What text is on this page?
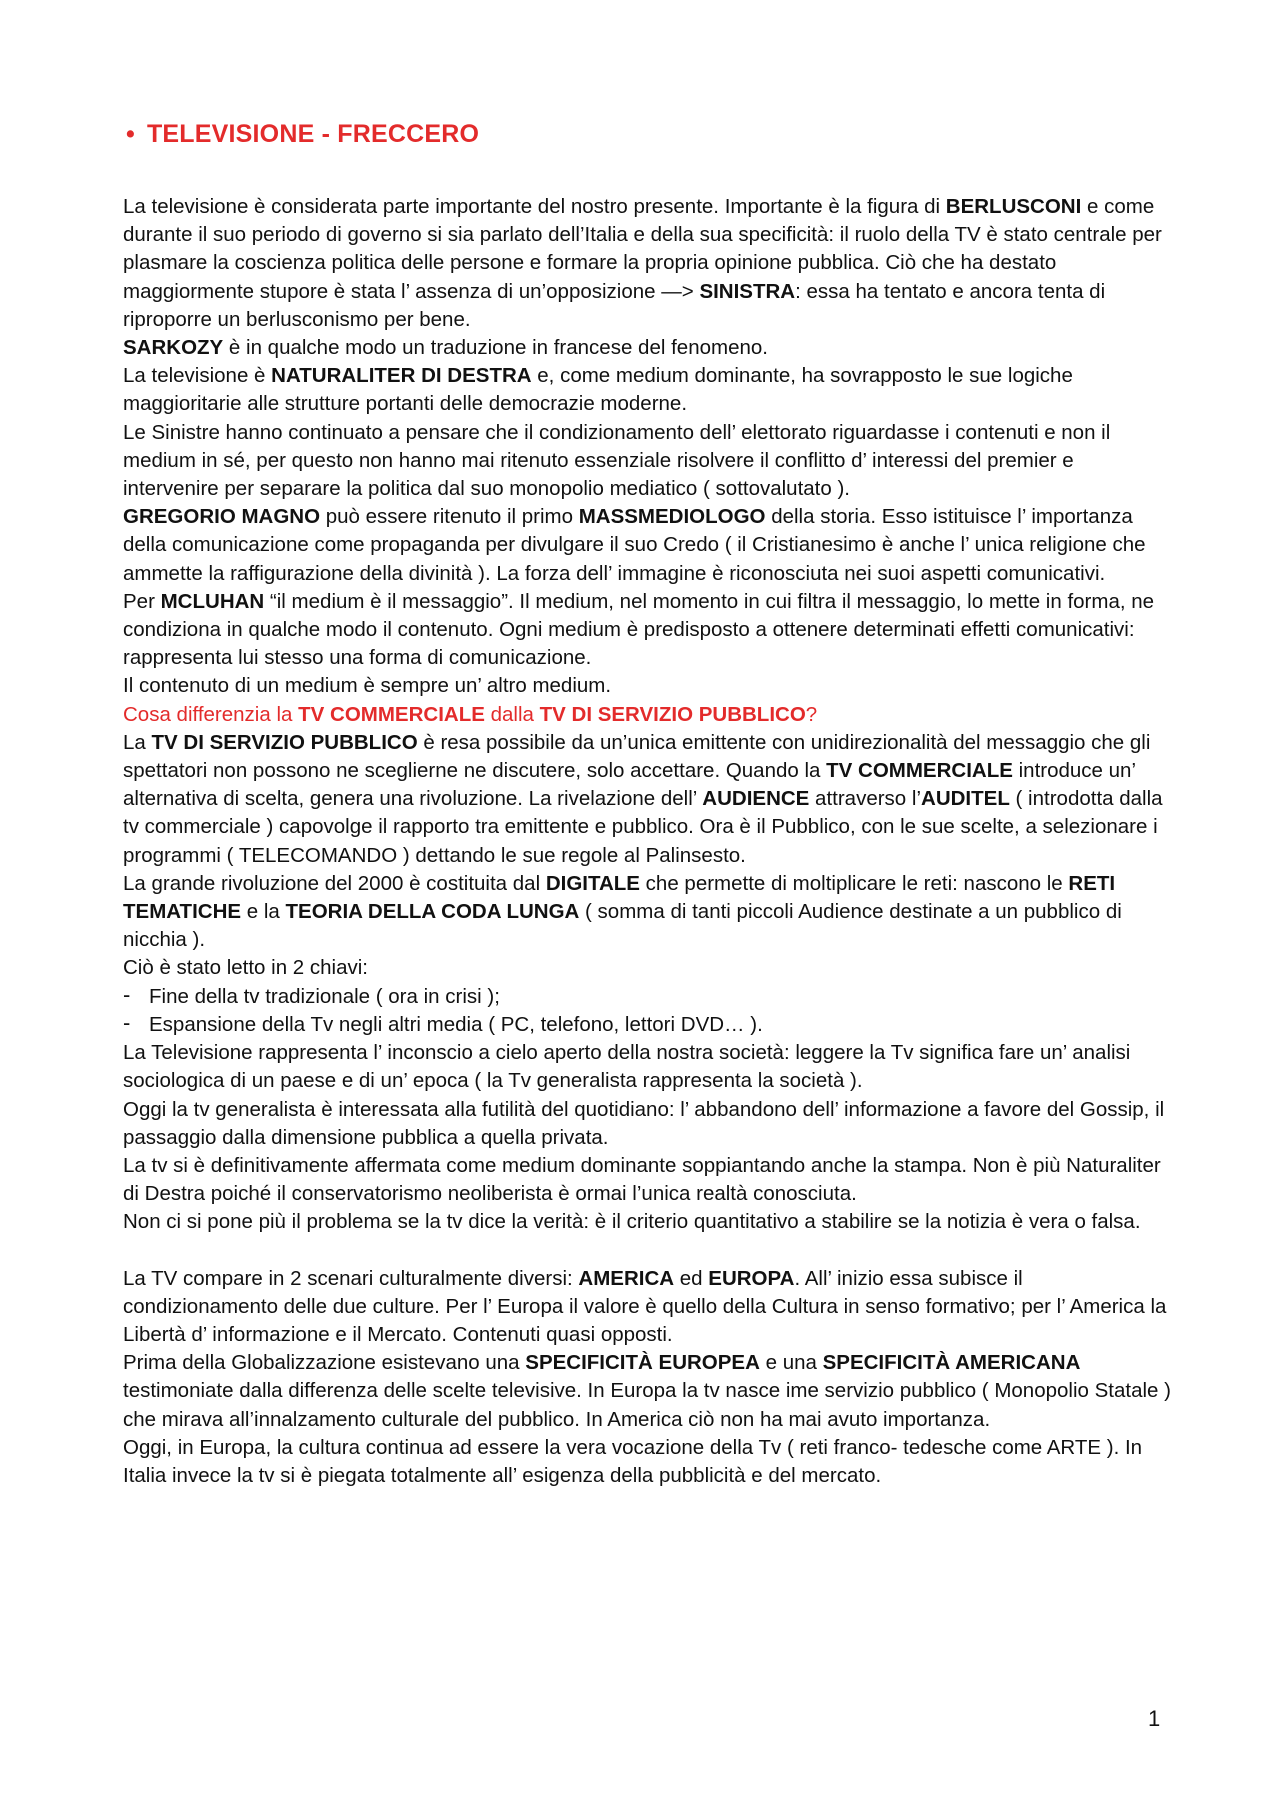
• TELEVISIONE - FRECCERO

La televisione è considerata parte importante del nostro presente. Importante è la figura di BERLUSCONI e come durante il suo periodo di governo si sia parlato dell’Italia e della sua specificità: il ruolo della TV è stato centrale per plasmare la coscienza politica delle persone e formare la propria opinione pubblica. Ciò che ha destato maggiormente stupore è stata l’ assenza di un’opposizione —> SINISTRA: essa ha tentato e ancora tenta di riproporre un berlusconismo per bene.

SARKOZY è in qualche modo un traduzione in francese del fenomeno.

La televisione è NATURALITER DI DESTRA e, come medium dominante, ha sovrapposto le sue logiche maggioritarie alle strutture portanti delle democrazie moderne.

Le Sinistre hanno continuato a pensare che il condizionamento dell’ elettorato riguardasse i contenuti e non il medium in sé, per questo non hanno mai ritenuto essenziale risolvere il conflitto d’ interessi del premier e intervenire per separare la politica dal suo monopolio mediatico ( sottovalutato ).

GREGORIO MAGNO può essere ritenuto il primo MASSMEDIOLOGO della storia. Esso istituisce l’ importanza della comunicazione come propaganda per divulgare il suo Credo ( il Cristianesimo è anche l’ unica religione che ammette la raffigurazione della divinità ). La forza dell’ immagine è riconosciuta nei suoi aspetti comunicativi.

Per MCLUHAN “il medium è il messaggio”. Il medium, nel momento in cui filtra il messaggio, lo mette in forma, ne condiziona in qualche modo il contenuto. Ogni medium è predisposto a ottenere determinati effetti comunicativi: rappresenta lui stesso una forma di comunicazione.

Il contenuto di un medium è sempre un’ altro medium.

Cosa differenzia la TV COMMERCIALE dalla TV DI SERVIZIO PUBBLICO?

La TV DI SERVIZIO PUBBLICO è resa possibile da un’unica emittente con unidirezionalità del messaggio che gli spettatori non possono ne sceglierne ne discutere, solo accettare. Quando la TV COMMERCIALE introduce un’ alternativa di scelta, genera una rivoluzione. La rivelazione dell’ AUDIENCE attraverso l’AUDITEL ( introdotta dalla tv commerciale ) capovolge il rapporto tra emittente e pubblico. Ora è il Pubblico, con le sue scelte, a selezionare i programmi ( TELECOMANDO ) dettando le sue regole al Palinsesto.

La grande rivoluzione del 2000 è costituita dal DIGITALE che permette di moltiplicare le reti: nascono le RETI TEMATICHE e la TEORIA DELLA CODA LUNGA ( somma di tanti piccoli Audience destinate a un pubblico di nicchia ).

Ciò è stato letto in 2 chiavi:

- Fine della tv tradizionale ( ora in crisi );
- Espansione della Tv negli altri media ( PC, telefono, lettori DVD… ).

La Televisione rappresenta l’ inconscio a cielo aperto della nostra società: leggere la Tv significa fare un’ analisi sociologica di un paese e di un’ epoca ( la Tv generalista rappresenta la società ).

Oggi la tv generalista è interessata alla futilità del quotidiano: l’ abbandono dell’ informazione a favore del Gossip, il passaggio dalla dimensione pubblica a quella privata.

La tv si è definitivamente affermata come medium dominante soppiantando anche la stampa. Non è più Naturaliter di Destra poiché il conservatorismo neoliberista è ormai l’unica realtà conosciuta.

Non ci si pone più il problema se la tv dice la verità: è il criterio quantitativo a stabilire se la notizia è vera o falsa.

La TV compare in 2 scenari culturalmente diversi: AMERICA ed EUROPA. All’ inizio essa subisce il condizionamento delle due culture. Per l’ Europa il valore è quello della Cultura in senso formativo; per l’ America la Libertà d’ informazione e il Mercato. Contenuti quasi opposti.

Prima della Globalizzazione esistevano una SPECIFICITÀ EUROPEA e una SPECIFICITÀ AMERICANA testimoniate dalla differenza delle scelte televisive. In Europa la tv nasce ime servizio pubblico ( Monopolio Statale ) che mirava all’innalzamento culturale del pubblico. In America ciò non ha mai avuto importanza.

Oggi, in Europa, la cultura continua ad essere la vera vocazione della Tv ( reti franco- tedesche come ARTE ). In Italia invece la tv si è piegata totalmente all’ esigenza della pubblicità e del mercato.

1
